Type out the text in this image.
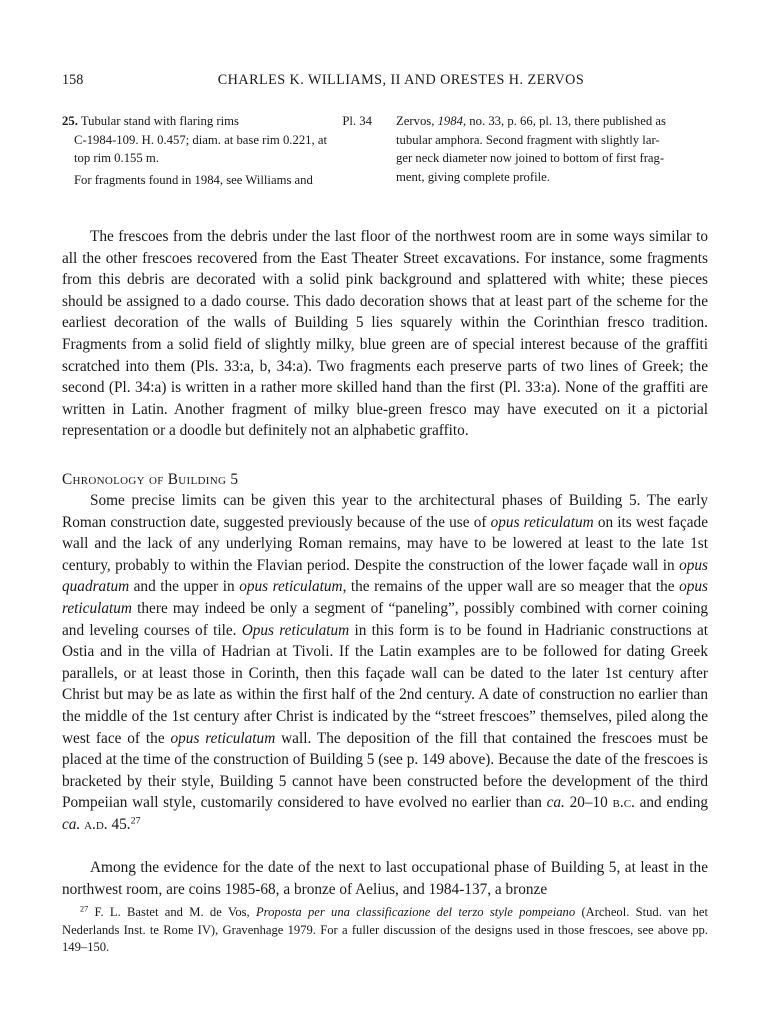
158	CHARLES K. WILLIAMS, II AND ORESTES H. ZERVOS
25. Tubular stand with flaring rims	Pl. 34
C-1984-109. H. 0.457; diam. at base rim 0.221, at
top rim 0.155 m.
For fragments found in 1984, see Williams and
Zervos, 1984, no. 33, p. 66, pl. 13, there published as
tubular amphora. Second fragment with slightly lar-
ger neck diameter now joined to bottom of first frag-
ment, giving complete profile.

The frescoes from the debris under the last floor of the northwest room are in some ways similar to all the other frescoes recovered from the East Theater Street excavations. For instance, some fragments from this debris are decorated with a solid pink background and splattered with white; these pieces should be assigned to a dado course. This dado decoration shows that at least part of the scheme for the earliest decoration of the walls of Building 5 lies squarely within the Corinthian fresco tradition. Fragments from a solid field of slightly milky, blue green are of special interest because of the graffiti scratched into them (Pls. 33:a, b, 34:a). Two fragments each preserve parts of two lines of Greek; the second (Pl. 34:a) is written in a rather more skilled hand than the first (Pl. 33:a). None of the graffiti are written in Latin. Another fragment of milky blue-green fresco may have executed on it a pictorial representation or a doodle but definitely not an alphabetic graffito.

Chronology of Building 5

Some precise limits can be given this year to the architectural phases of Building 5. The early Roman construction date, suggested previously because of the use of opus reticulatum on its west façade wall and the lack of any underlying Roman remains, may have to be lowered at least to the late 1st century, probably to within the Flavian period. Despite the construction of the lower façade wall in opus quadratum and the upper in opus reticulatum, the remains of the upper wall are so meager that the opus reticulatum there may indeed be only a segment of “paneling”, possibly combined with corner coining and leveling courses of tile. Opus reticulatum in this form is to be found in Hadrianic constructions at Ostia and in the villa of Hadrian at Tivoli. If the Latin examples are to be followed for dating Greek parallels, or at least those in Corinth, then this façade wall can be dated to the later 1st century after Christ but may be as late as within the first half of the 2nd century. A date of construction no earlier than the middle of the 1st century after Christ is indicated by the “street frescoes” themselves, piled along the west face of the opus reticulatum wall. The deposition of the fill that contained the frescoes must be placed at the time of the construction of Building 5 (see p. 149 above). Because the date of the frescoes is bracketed by their style, Building 5 cannot have been constructed before the development of the third Pompeiian wall style, customarily considered to have evolved no earlier than ca. 20–10 b.c. and ending ca. a.d. 45.27

Among the evidence for the date of the next to last occupational phase of Building 5, at least in the northwest room, are coins 1985-68, a bronze of Aelius, and 1984-137, a bronze

$^{27}$ F. L. Bastet and M. de Vos, Proposta per una classificazione del terzo style pompeiano (Archeol. Stud. van het Nederlands Inst. te Rome IV), Gravenhage 1979. For a fuller discussion of the designs used in those frescoes, see above pp. 149–150.
